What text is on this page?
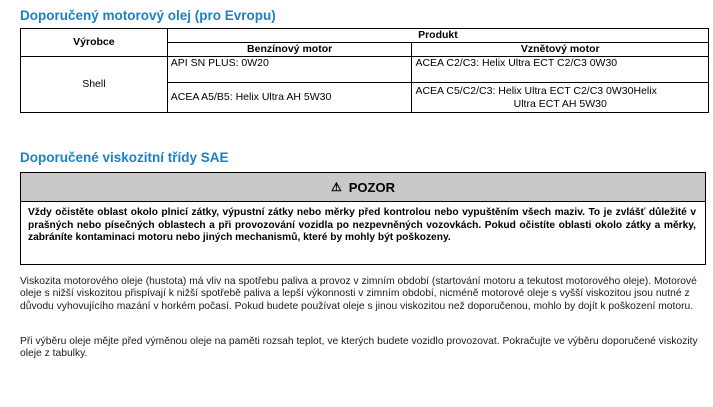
Doporučený motorový olej (pro Evropu)
Výrobce	Produkt	
	Benzínový motor	Vznětový motor
Shell	API SN PLUS: 0W20	ACEA C2/C3: Helix Ultra ECT C2/C3 0W30
	ACEA A5/B5: Helix Ultra AH 5W30	ACEA C5/C2/C3: Helix Ultra ECT C2/C3 0W30Helix
Ultra ECT AH 5W30
Doporučené viskozitní třídy SAE
⚠ POZOR
Vždy očistěte oblast okolo plnicí zátky, výpustní zátky nebo měrky před kontrolou nebo vypuštěním všech maziv. To je zvlášť důležité v prašných nebo písečných oblastech a při provozování vozidla po nezpevněných vozovkách. Pokud očistíte oblasti okolo zátky a měrky, zabráníte kontaminaci motoru nebo jiných mechanismů, které by mohly být poškozeny.

Viskozita motorového oleje (hustota) má vliv na spotřebu paliva a provoz v zimním období (startování motoru a tekutost motorového oleje). Motorové oleje s nižší viskozitou přispívají k nižší spotřebě paliva a lepší výkonnosti v zimním období, nicméně motorové oleje s vyšší viskozitou jsou nutné z důvodu vyhovujícího mazání v horkém počasí. Pokud budete používat oleje s jinou viskozitou než doporučenou, mohlo by dojít k poškození motoru.

Při výběru oleje mějte před výměnou oleje na paměti rozsah teplot, ve kterých budete vozidlo provozovat. Pokračujte ve výběru doporučené viskozity oleje z tabulky.
